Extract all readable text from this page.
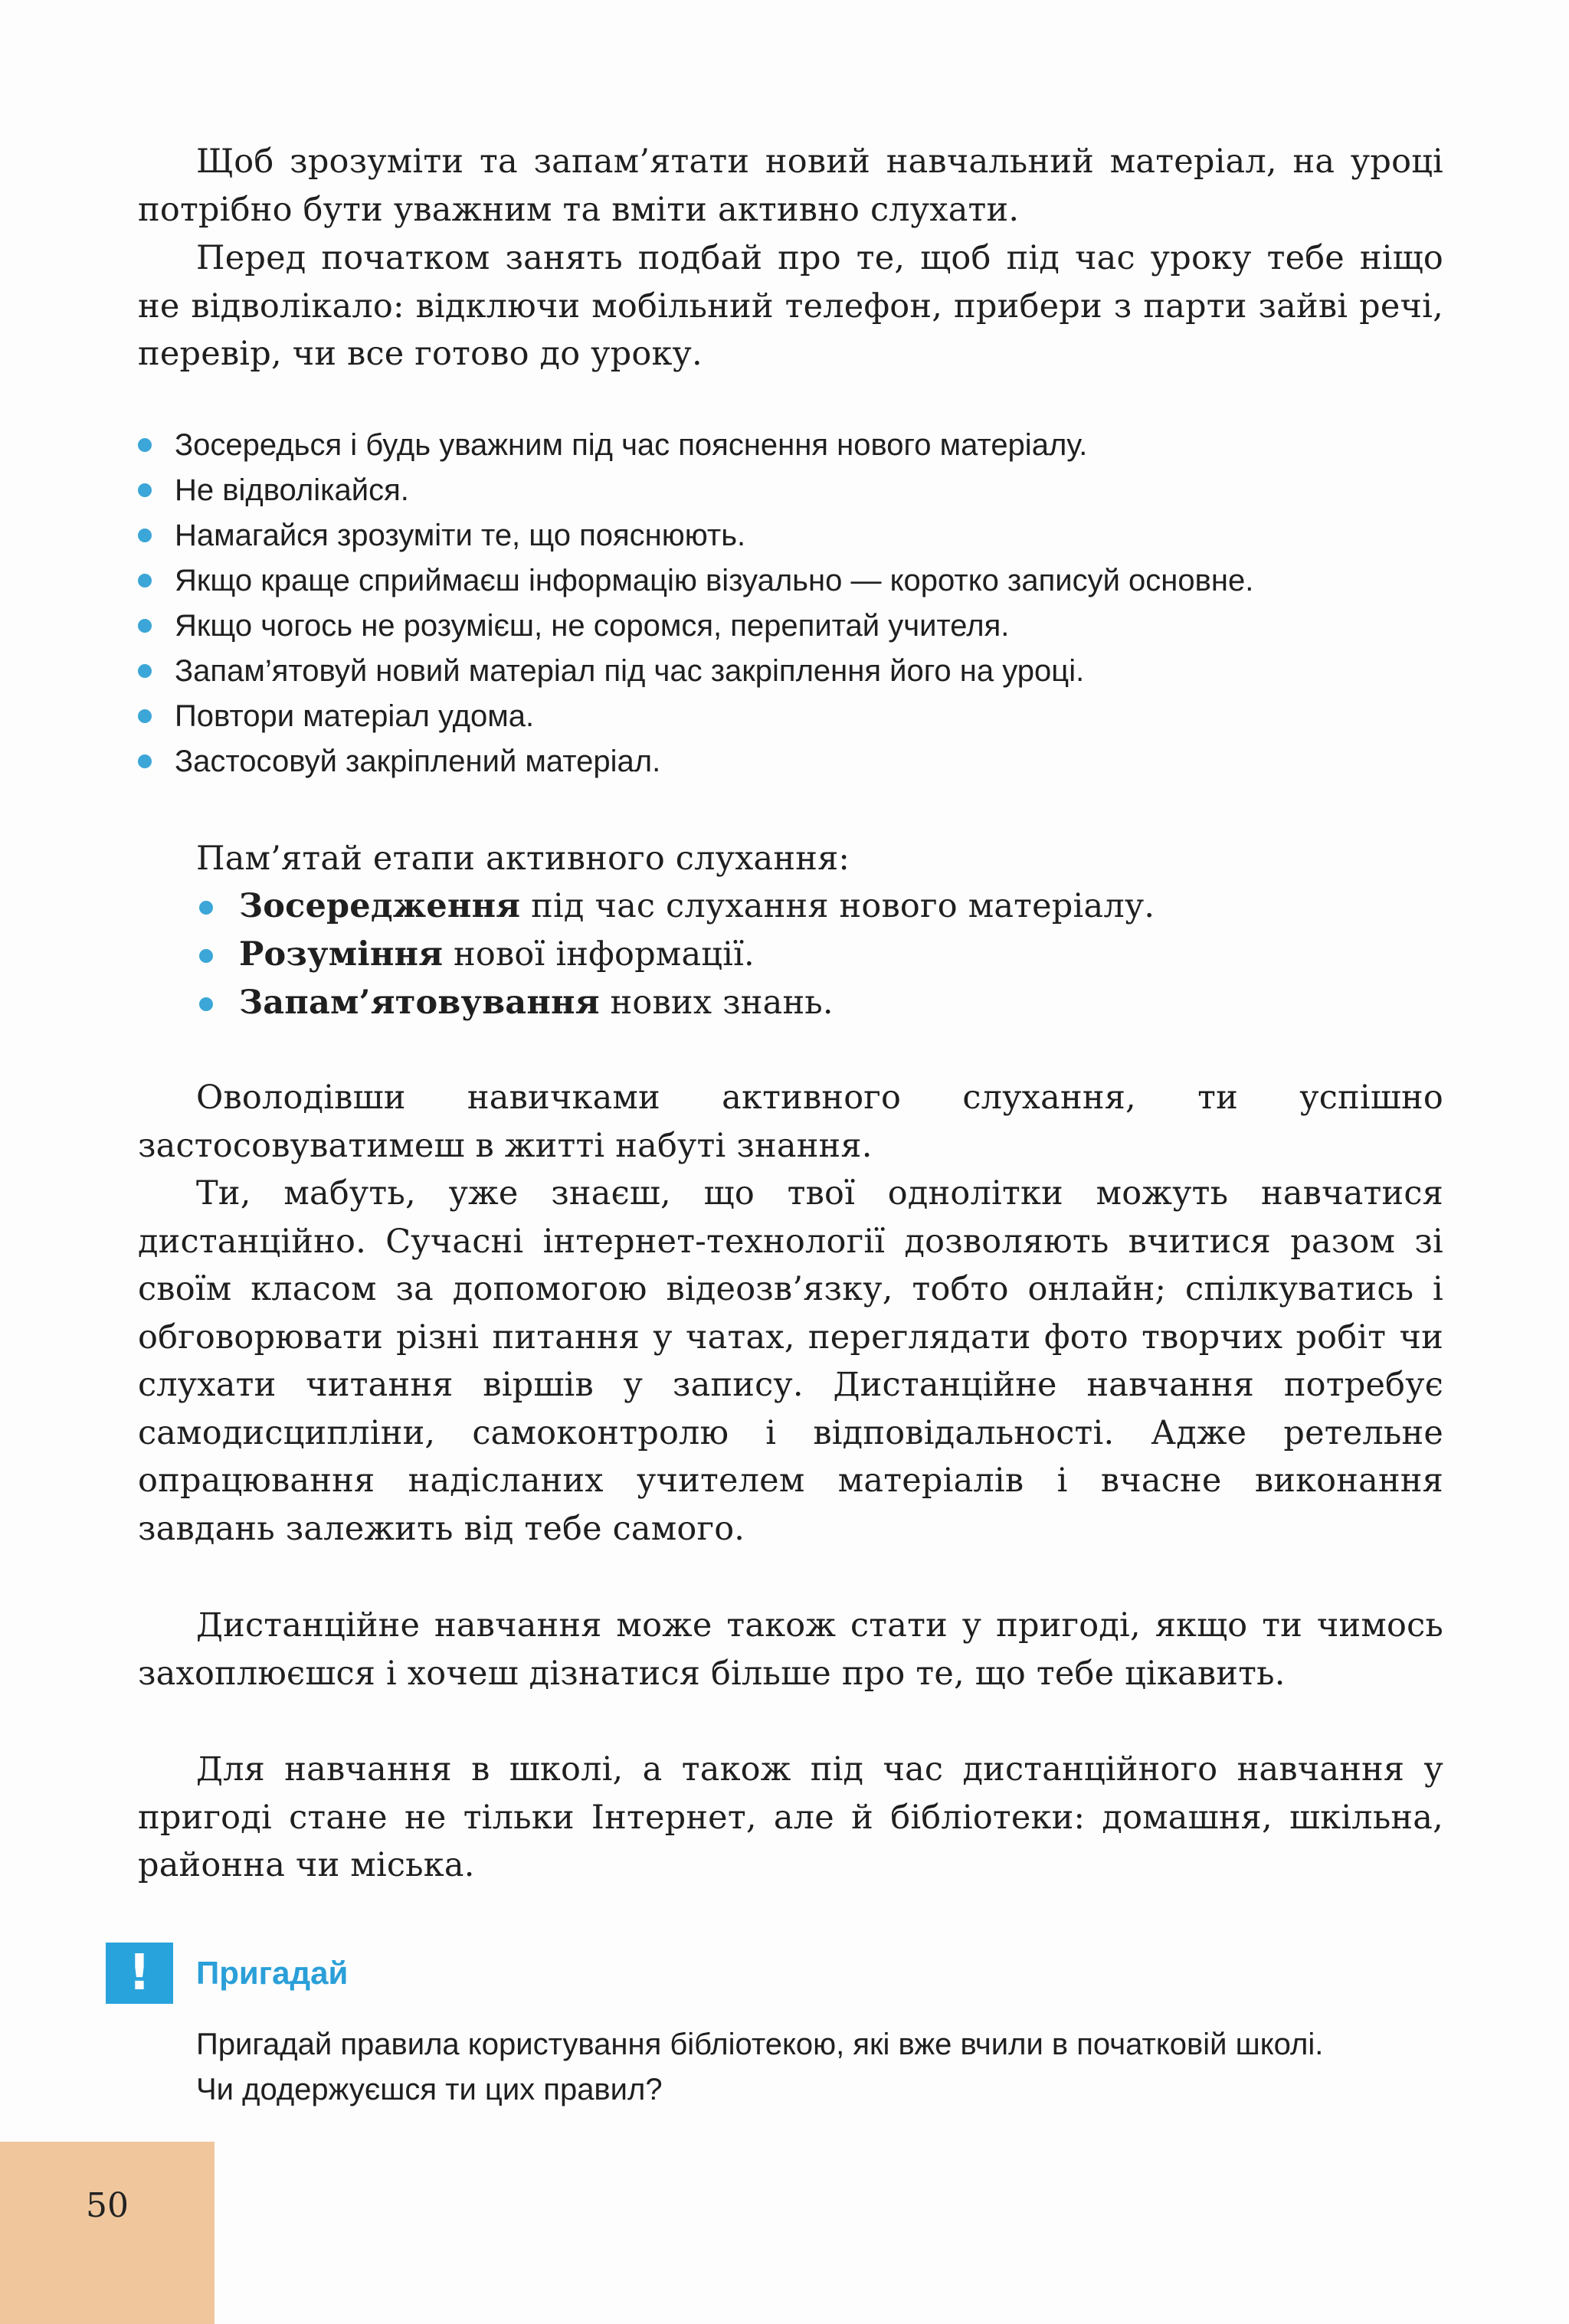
Щоб зрозуміти та запам’ятати новий навчальний матеріал, на уроці потрібно бути уважним та вміти активно слухати.

Перед початком занять подбай про те, щоб під час уроку тебе ніщо не відволікало: відключи мобільний телефон, прибери з парти зайві речі, перевір, чи все готово до уроку.

Зосередься і будь уважним під час пояснення нового матеріалу.
Не відволікайся.
Намагайся зрозуміти те, що пояснюють.
Якщо краще сприймаєш інформацію візуально — коротко записуй основне.
Якщо чогось не розумієш, не соромся, перепитай учителя.
Запам’ятовуй новий матеріал під час закріплення його на уроці.
Повтори матеріал удома.
Застосовуй закріплений матеріал.

Пам’ятай етапи активного слухання:

Зосередження під час слухання нового матеріалу.
Розуміння нової інформації.
Запам’ятовування нових знань.

Оволодівши навичками активного слухання, ти успішно застосовуватимеш в житті набуті знання.

Ти, мабуть, уже знаєш, що твої однолітки можуть навчатися дистанційно. Сучасні інтернет-технології дозволяють вчитися разом зі своїм класом за допомогою відеозв’язку, тобто онлайн; спілкуватись і обговорювати різні питання у чатах, переглядати фото творчих робіт чи слухати читання віршів у запису. Дистанційне навчання потребує самодисципліни, самоконтролю і відповідальності. Адже ретельне опрацювання надісланих учителем матеріалів і вчасне виконання завдань залежить від тебе самого.

Дистанційне навчання може також стати у пригоді, якщо ти чимось захоплюєшся і хочеш дізнатися більше про те, що тебе цікавить.

Для навчання в школі, а також під час дистанційного навчання у пригоді стане не тільки Інтернет, але й бібліотеки: домашня, шкільна, районна чи міська.

!	Пригадай

Пригадай правила користування бібліотекою, які вже вчили в початковій школі.
Чи додержуєшся ти цих правил?

50
